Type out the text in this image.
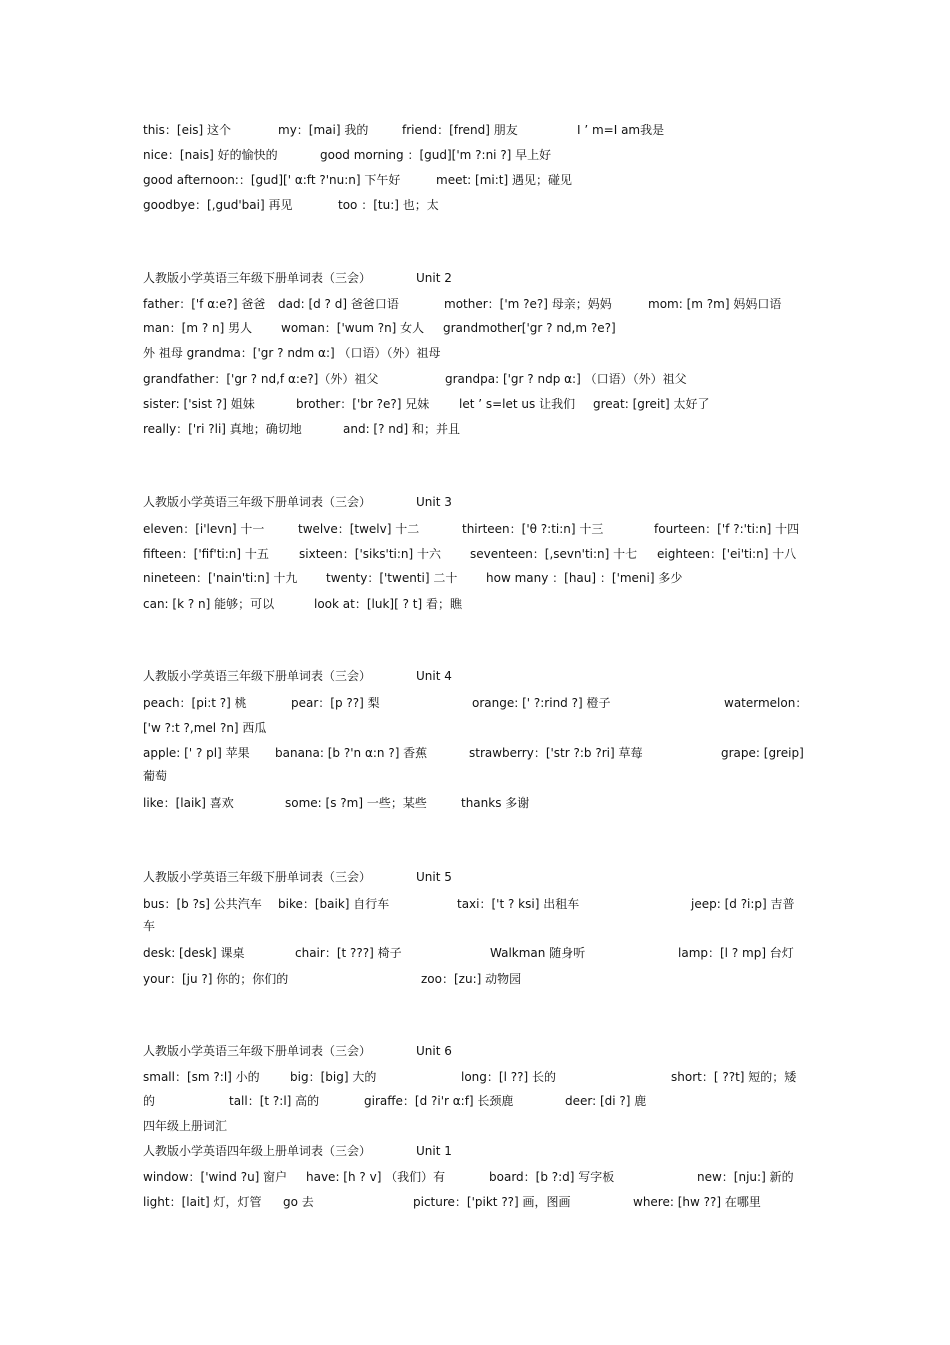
this：[eis] 这个	my：[mai] 我的	friend：[frend] 朋友	I ’ m=I am我是
nice：[nais] 好的愉快的	good morning ：[gud]['m ?:ni ?] 早上好
good afternoon:：[gud][' α:ft ?'nu:n] 下午好	meet: [mi:t] 遇见；碰见
goodbye：[,gud'bai] 再见	too ：[tu:] 也；太
人教版小学英语三年级下册单词表（三会）	Unit 2
father：['f α:e?] 爸爸 dad: [d ? d] 爸爸口语	mother：['m ?e?] 母亲；妈妈	mom: [m ?m] 妈妈口语
man：[m ? n] 男人 woman：['wum ?n] 女人 grandmother['gr ? nd,m ?e?]
外 祖母 grandma：['gr ? ndm α:] （口语）（外）祖母
grandfather：['gr ? nd,f α:e?]（外）祖父	grandpa: ['gr ? ndp α:] （口语）（外）祖父
sister: ['sist ?] 姐妹	brother：['br ?e?] 兄妹 let ’ s=let us 让我们 great: [greit] 太好了
really：['ri ?li] 真地；确切地	and: [? nd] 和；并且
人教版小学英语三年级下册单词表（三会）	Unit 3
eleven：[i'levn] 十一	twelve：[twelv] 十二	thirteen：['θ ?:ti:n] 十三	fourteen：['f ?:'ti:n] 十四
fifteen：['fif'ti:n] 十五	sixteen：['siks'ti:n] 十六 seventeen：[,sevn'ti:n] 十七 eighteen：['ei'ti:n] 十八
nineteen：['nain'ti:n] 十九 twenty：['twenti] 二十 how many ：[hau] ：['meni] 多少
can: [k ? n] 能够；可以	look at：[luk][ ? t] 看；瞧
人教版小学英语三年级下册单词表（三会）	Unit 4
peach：[pi:t ?] 桃	pear：[p ??] 梨	orange: [' ?:rind ?] 橙子	watermelon：
['w ?:t ?,mel ?n] 西瓜
apple: [' ? pl] 苹果 banana: [b ?'n α:n ?] 香蕉	strawberry：['str ?:b ?ri] 草莓	grape: [greip]
葡萄
like：[laik] 喜欢	some: [s ?m] 一些；某些	thanks 多谢
人教版小学英语三年级下册单词表（三会）	Unit 5
bus：[b ?s] 公共汽车 bike：[baik] 自行车	taxi：['t ? ksi] 出租车	jeep: [d ?i:p] 吉普
车
desk: [desk] 课桌	chair：[t ???] 椅子	Walkman 随身听	lamp：[l ? mp] 台灯
your：[ju ?] 你的；你们的	zoo：[zu:] 动物园
人教版小学英语三年级下册单词表（三会）	Unit 6
small：[sm ?:l] 小的	big：[big] 大的	long：[l ??] 长的	short：[ ??t] 短的；矮
的	tall：[t ?:l] 高的	giraffe：[d ?i'r α:f] 长颈鹿	deer: [di ?] 鹿
四年级上册词汇
人教版小学英语四年级上册单词表（三会）	Unit 1
window：['wind ?u] 窗户 have: [h ? v] （我们）有	board：[b ?:d] 写字板	new：[nju:] 新的
light：[lait] 灯，灯管 go 去	picture：['pikt ??] 画，图画	where: [hw ??] 在哪里
